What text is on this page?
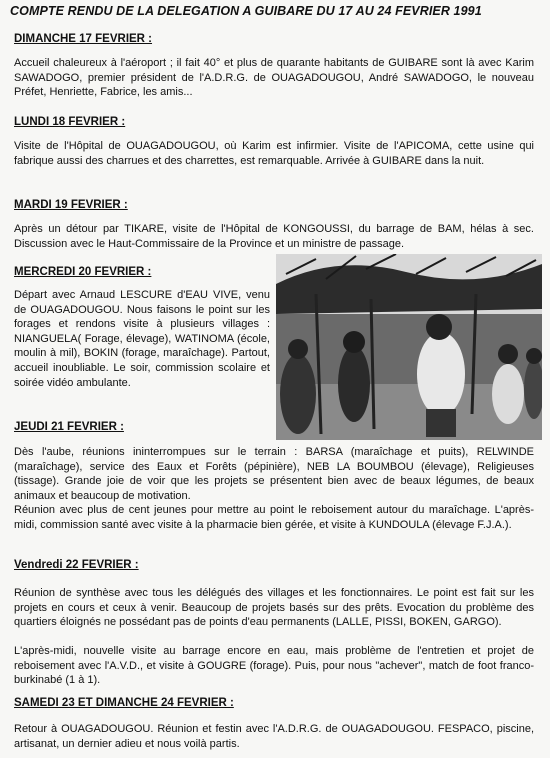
COMPTE RENDU DE LA DELEGATION A GUIBARE DU 17 AU 24 FEVRIER 1991
DIMANCHE 17 FEVRIER :
Accueil chaleureux à l'aéroport ; il fait 40° et plus de quarante habitants de GUIBARE sont là avec Karim SAWADOGO, premier président de l'A.D.R.G. de OUAGADOUGOU, André SAWADOGO, le nouveau Préfet, Henriette, Fabrice, les amis...
LUNDI 18 FEVRIER :
Visite de l'Hôpital de OUAGADOUGOU, où Karim est infirmier. Visite de l'APICOMA, cette usine qui fabrique aussi des charrues et des charrettes, est remarquable. Arrivée à GUIBARE dans la nuit.
MARDI 19 FEVRIER :
Après un détour par TIKARE, visite de l'Hôpital de KONGOUSSI, du barrage de BAM, hélas à sec. Discussion avec le Haut-Commissaire de la Province et un ministre de passage.
MERCREDI 20 FEVRIER :
Départ avec Arnaud LESCURE d'EAU VIVE, venu de OUAGADOUGOU. Nous faisons le point sur les forages et rendons visite à plusieurs villages : NIANGUELA( Forage, élevage), WATINOMA (école, moulin à mil), BOKIN (forage, maraîchage). Partout, accueil inoubliable. Le soir, commission scolaire et soirée vidéo ambulante.
JEUDI 21 FEVRIER :
Dès l'aube, réunions ininterrompues sur le terrain : BARSA (maraîchage et puits), RELWINDE (maraîchage), service des Eaux et Forêts (pépinière), NEB LA BOUMBOU (élevage), Religieuses (tissage). Grande joie de voir que les projets se présentent bien avec de beaux légumes, de beaux animaux et beaucoup de motivation.
Réunion avec plus de cent jeunes pour mettre au point le reboisement autour du maraîchage. L'après-midi, commission santé avec visite à la pharmacie bien gérée, et visite à KUNDOULA (élevage F.J.A.).
Vendredi 22 FEVRIER :
Réunion de synthèse avec tous les délégués des villages et les fonctionnaires. Le point est fait sur les projets en cours et ceux à venir. Beaucoup de projets basés sur des prêts. Evocation du problème des quartiers éloignés ne possédant pas de points d'eau permanents (LALLE, PISSI, BOKEN, GARGO).
L'après-midi, nouvelle visite au barrage encore en eau, mais problème de l'entretien et projet de reboisement avec l'A.V.D., et visite à GOUGRE (forage). Puis, pour nous "achever", match de foot franco-burkinabé (1 à 1).
SAMEDI 23 ET DIMANCHE 24 FEVRIER :
Retour à OUAGADOUGOU. Réunion et festin avec l'A.D.R.G. de OUAGADOUGOU. FESPACO, piscine, artisanat, un dernier adieu et nous voilà partis.
